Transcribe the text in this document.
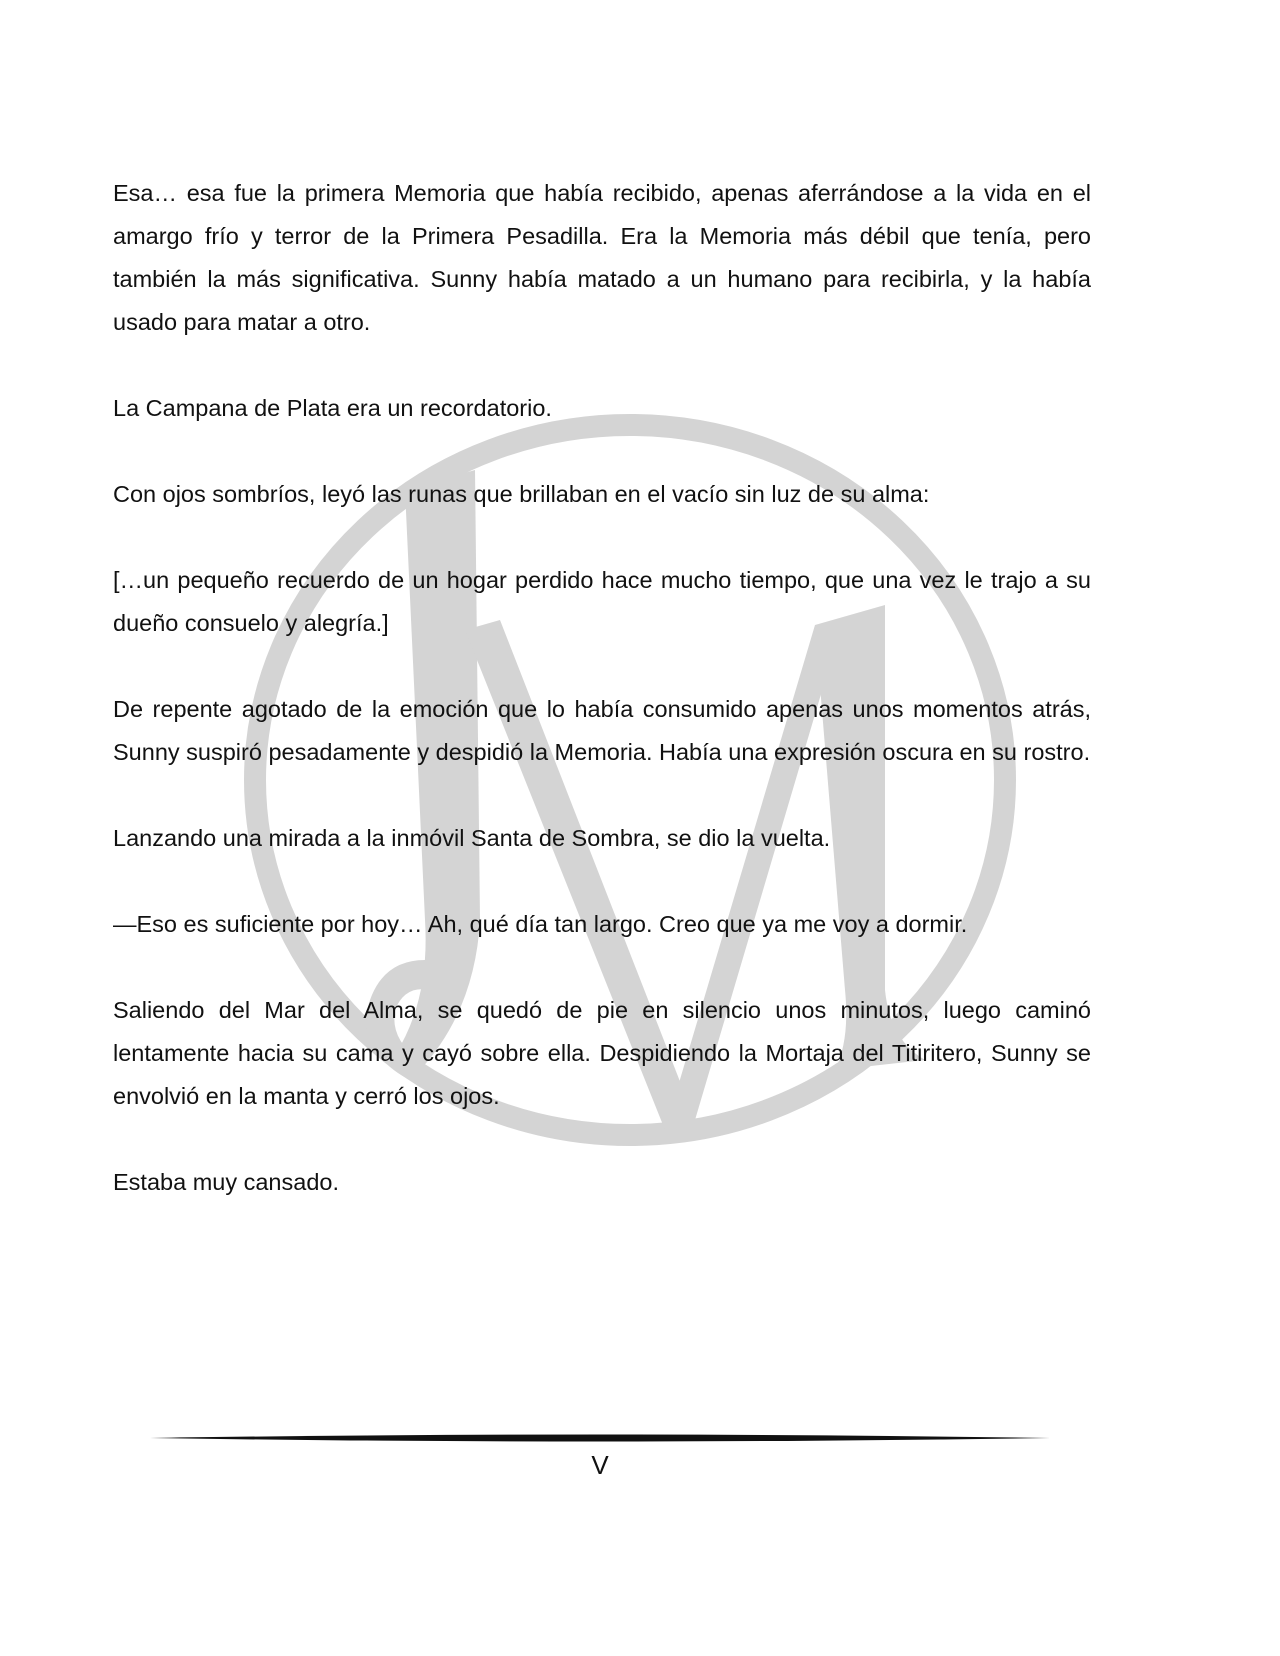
Esa… esa fue la primera Memoria que había recibido, apenas aferrándose a la vida en el amargo frío y terror de la Primera Pesadilla. Era la Memoria más débil que tenía, pero también la más significativa. Sunny había matado a un humano para recibirla, y la había usado para matar a otro.

La Campana de Plata era un recordatorio.

Con ojos sombríos, leyó las runas que brillaban en el vacío sin luz de su alma:

[…un pequeño recuerdo de un hogar perdido hace mucho tiempo, que una vez le trajo a su dueño consuelo y alegría.]

De repente agotado de la emoción que lo había consumido apenas unos momentos atrás, Sunny suspiró pesadamente y despidió la Memoria. Había una expresión oscura en su rostro.

Lanzando una mirada a la inmóvil Santa de Sombra, se dio la vuelta.

—Eso es suficiente por hoy… Ah, qué día tan largo. Creo que ya me voy a dormir.

Saliendo del Mar del Alma, se quedó de pie en silencio unos minutos, luego caminó lentamente hacia su cama y cayó sobre ella. Despidiendo la Mortaja del Titiritero, Sunny se envolvió en la manta y cerró los ojos.

Estaba muy cansado.

V
